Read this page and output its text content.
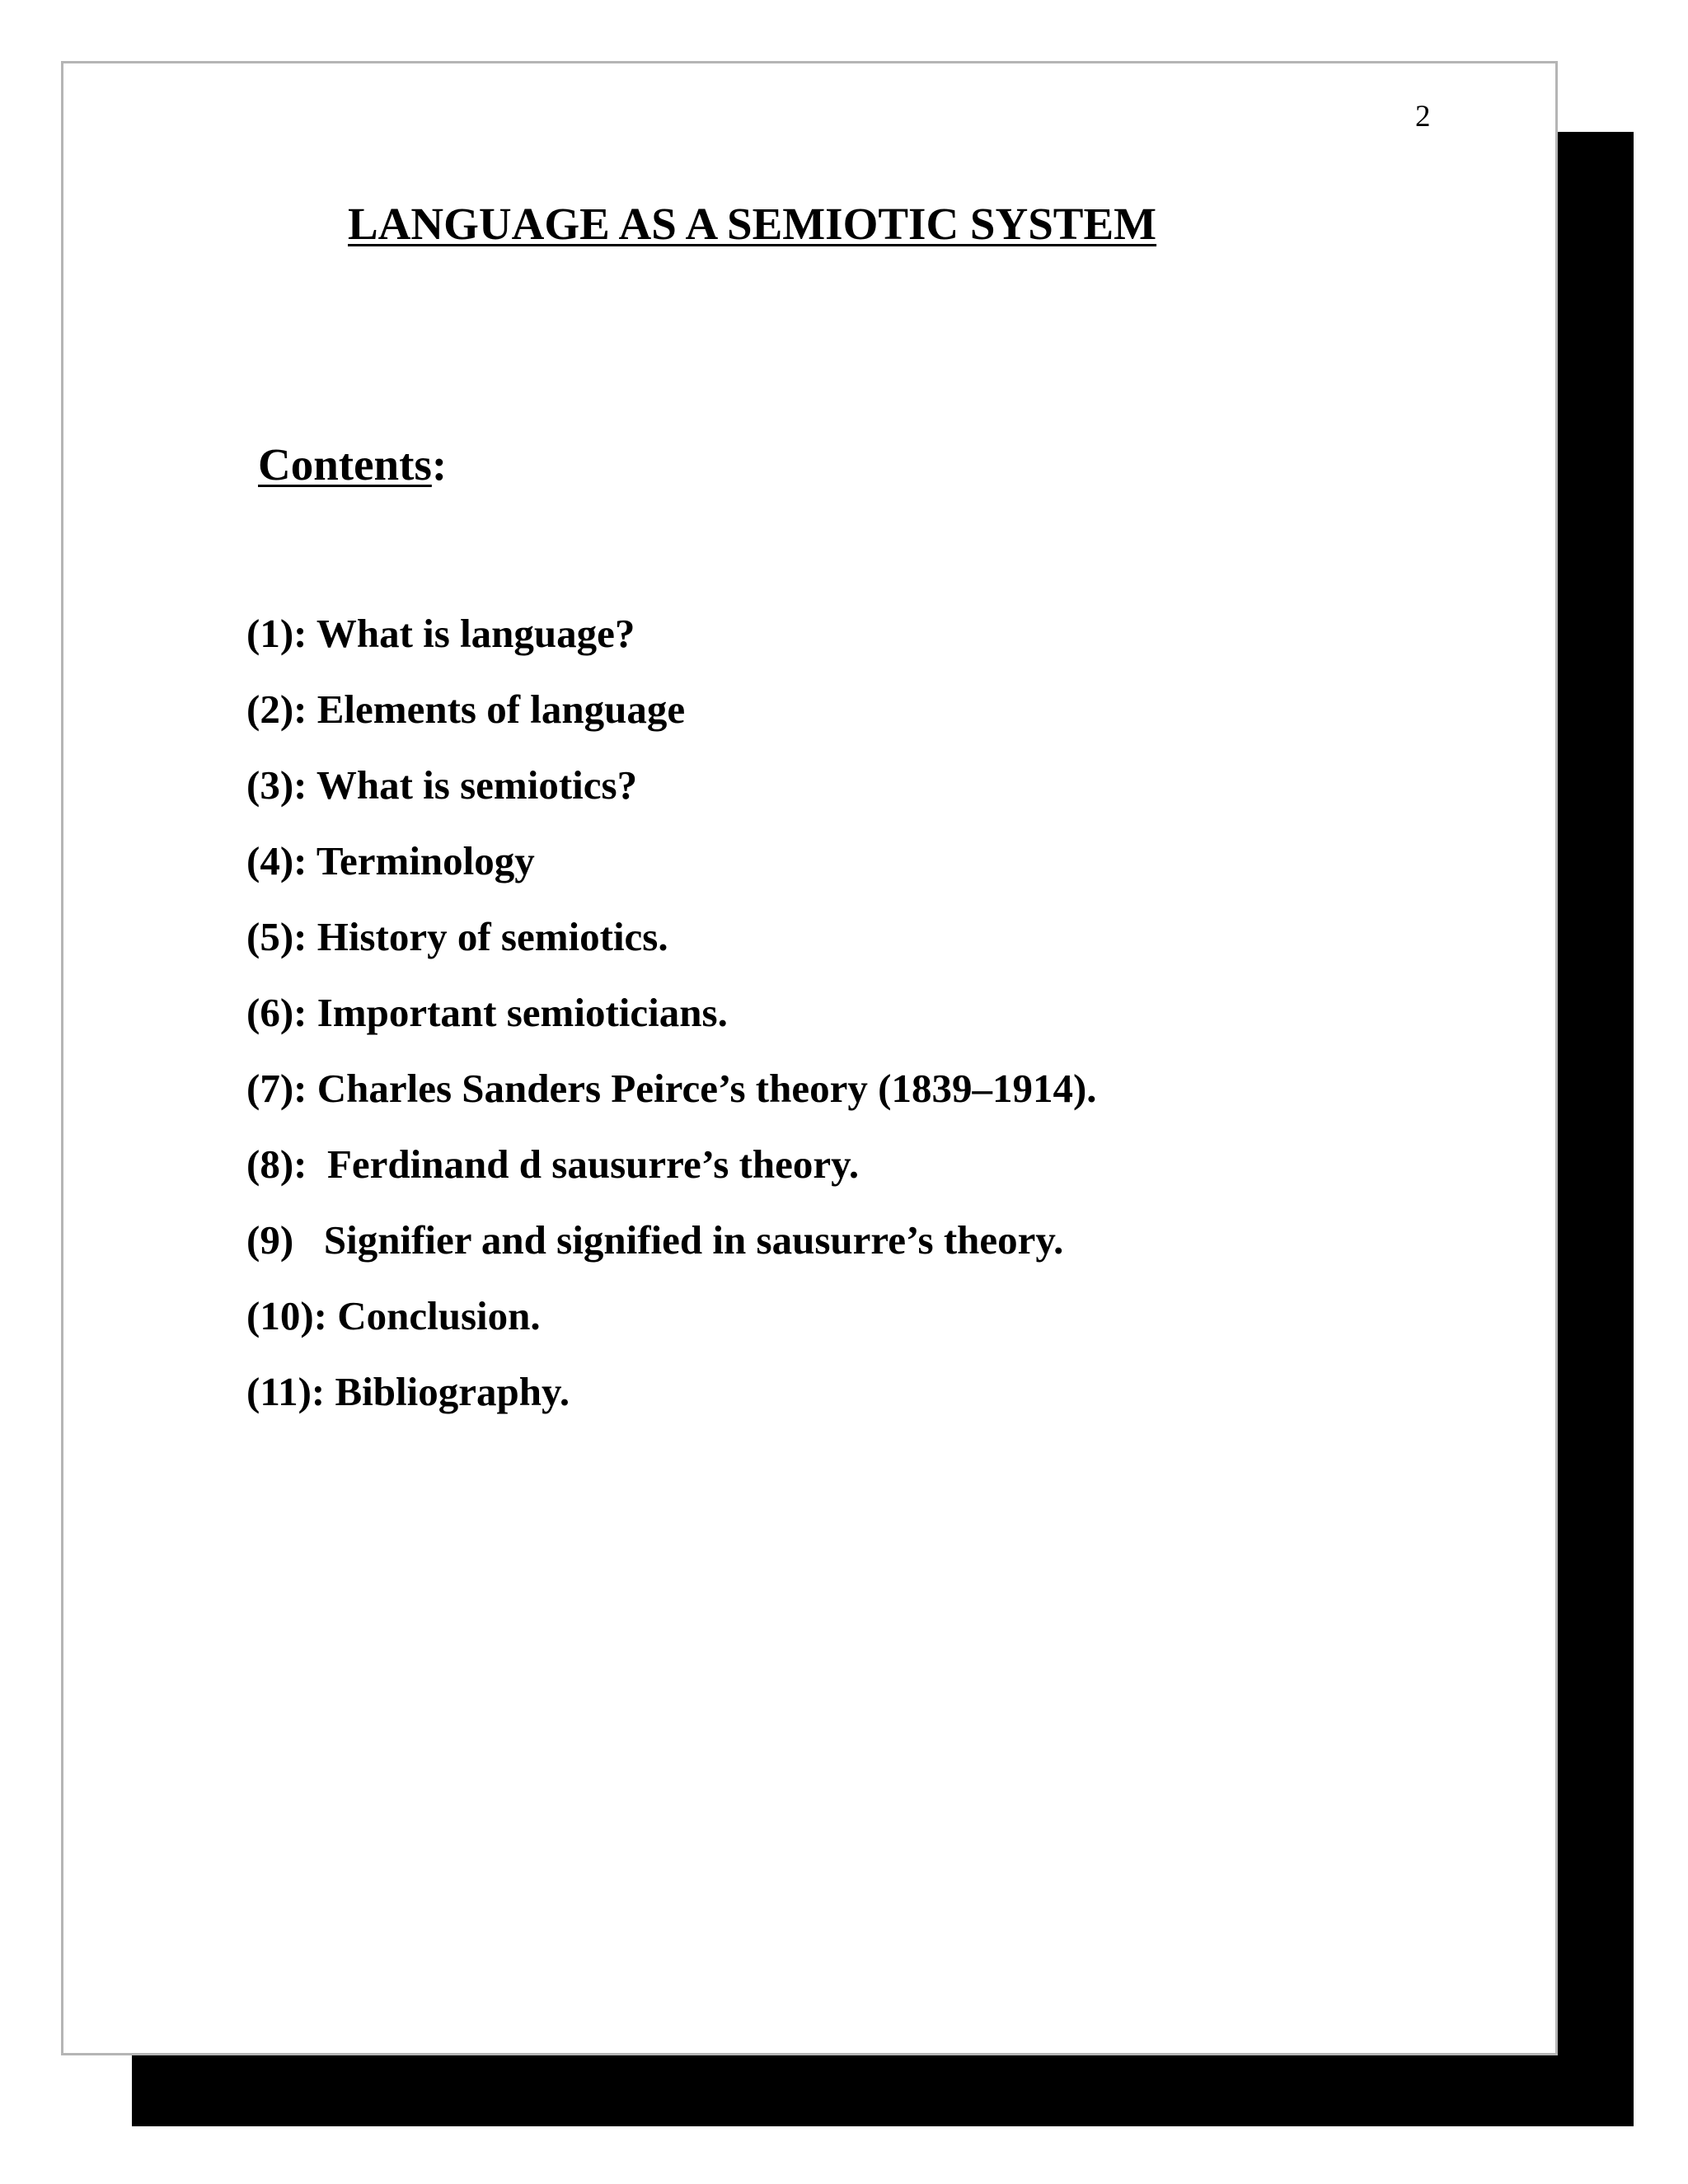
2
LANGUAGE AS A SEMIOTIC SYSTEM
Contents:
(1): What is language?
(2): Elements of language
(3): What is semiotics?
(4): Terminology
(5): History of semiotics.
(6): Important semioticians.
(7): Charles Sanders Peirce’s theory (1839–1914).
(8):  Ferdinand d sausurre’s theory.
(9)   Signifier and signified in sausurre’s theory.
(10): Conclusion.
(11): Bibliography.
